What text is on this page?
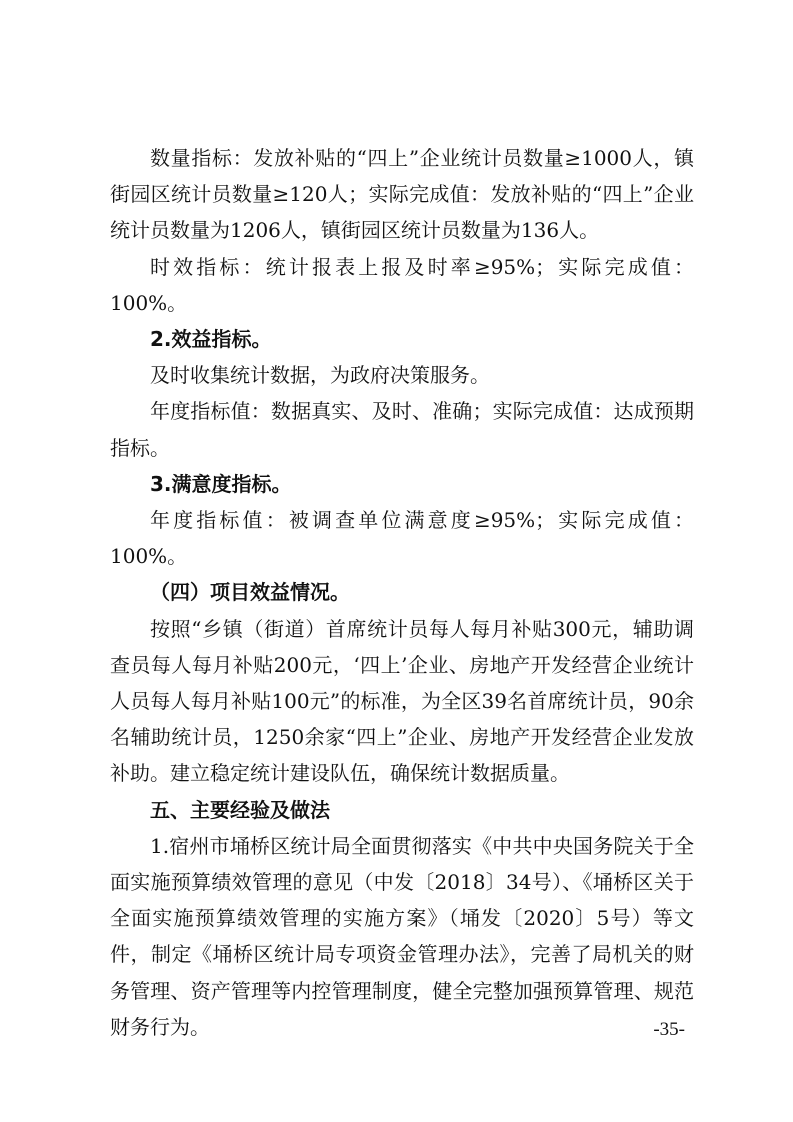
数量指标：发放补贴的“四上”企业统计员数量≥1000人，镇街园区统计员数量≥120人；实际完成值：发放补贴的“四上”企业统计员数量为1206人，镇街园区统计员数量为136人。

时效指标：统计报表上报及时率≥95%；实际完成值：100%。

2.效益指标。

及时收集统计数据，为政府决策服务。

年度指标值：数据真实、及时、准确；实际完成值：达成预期指标。

3.满意度指标。

年度指标值：被调查单位满意度≥95%；实际完成值：100%。

（四）项目效益情况。

按照“乡镇（街道）首席统计员每人每月补贴300元，辅助调查员每人每月补贴200元，‘四上’企业、房地产开发经营企业统计人员每人每月补贴100元”的标准，为全区39名首席统计员，90余名辅助统计员，1250余家“四上”企业、房地产开发经营企业发放补助。建立稳定统计建设队伍，确保统计数据质量。

五、主要经验及做法

1.宿州市埇桥区统计局全面贯彻落实《中共中央国务院关于全面实施预算绩效管理的意见（中发〔2018〕34号）、《埇桥区关于全面实施预算绩效管理的实施方案》（埇发〔2020〕5号）等文件，制定《埇桥区统计局专项资金管理办法》，完善了局机关的财务管理、资产管理等内控管理制度，健全完整加强预算管理、规范财务行为。	-35-
